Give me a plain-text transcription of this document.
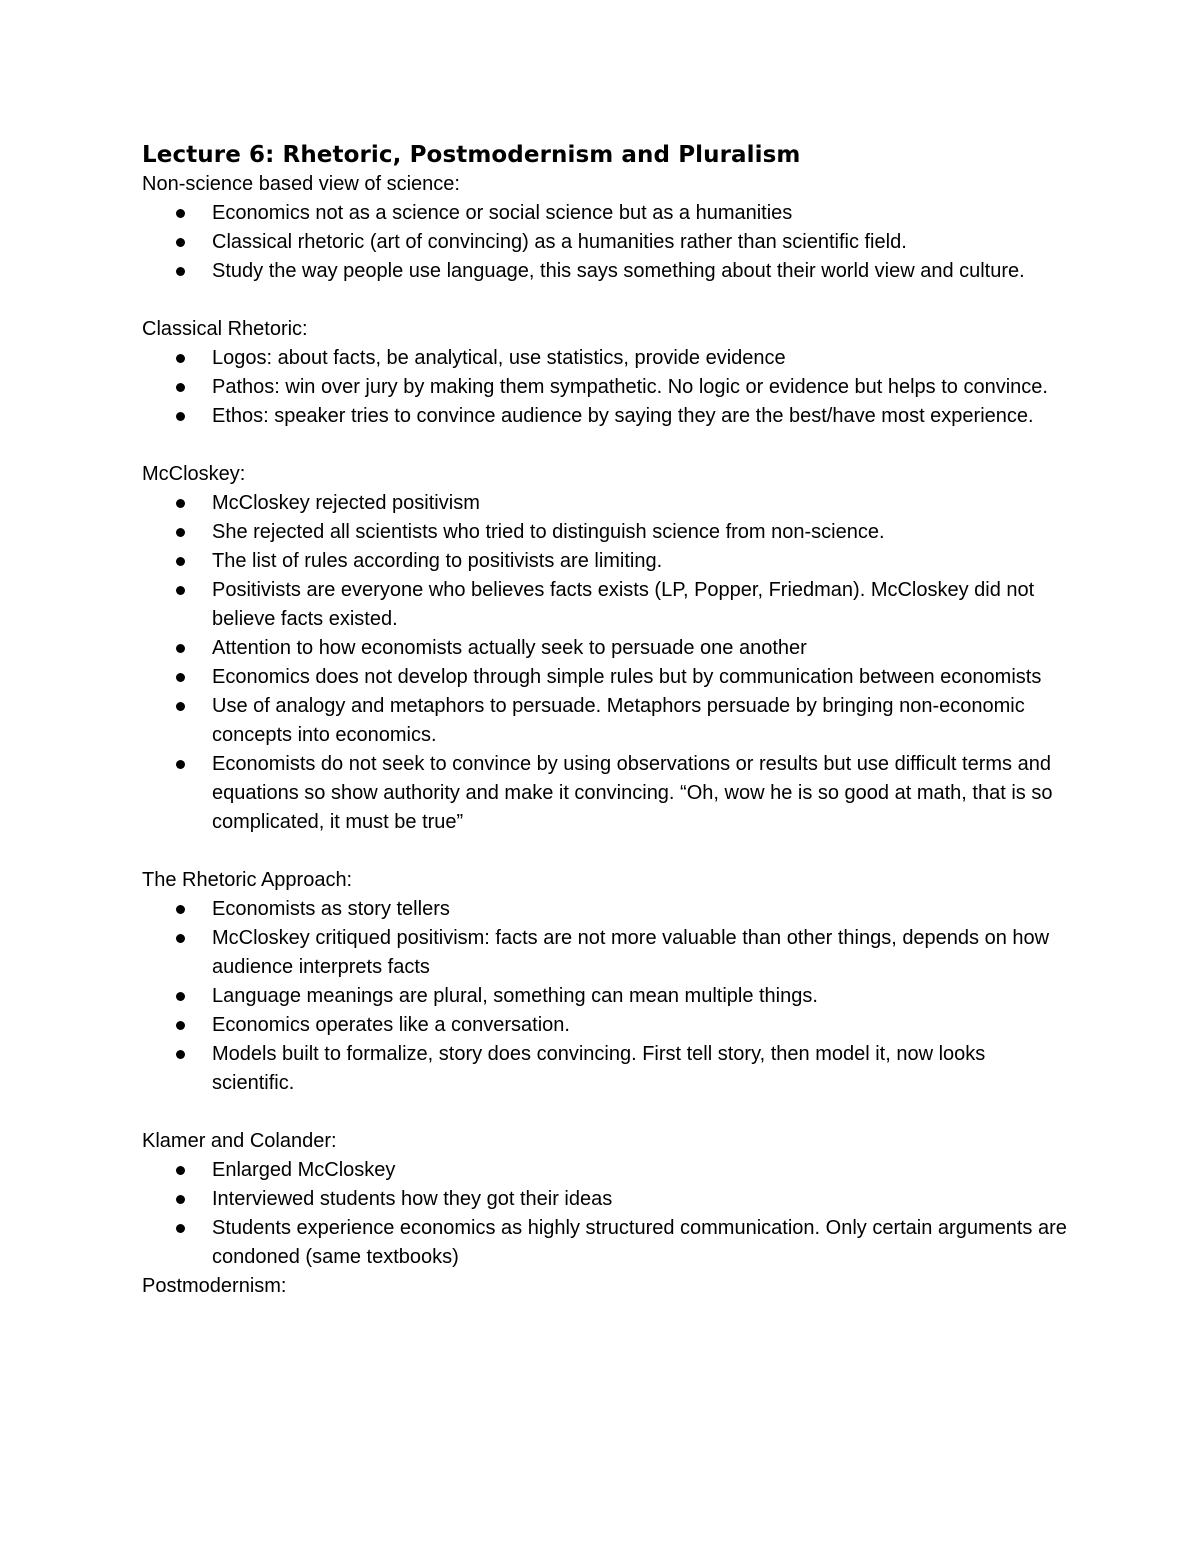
Lecture 6: Rhetoric, Postmodernism and Pluralism

Non-science based view of science:

Economics not as a science or social science but as a humanities
Classical rhetoric (art of convincing) as a humanities rather than scientific field.
Study the way people use language, this says something about their world view and culture.

Classical Rhetoric:

Logos: about facts, be analytical, use statistics, provide evidence
Pathos: win over jury by making them sympathetic. No logic or evidence but helps to convince.
Ethos: speaker tries to convince audience by saying they are the best/have most experience.

McCloskey:

McCloskey rejected positivism
She rejected all scientists who tried to distinguish science from non-science.
The list of rules according to positivists are limiting.
Positivists are everyone who believes facts exists (LP, Popper, Friedman). McCloskey did not believe facts existed.
Attention to how economists actually seek to persuade one another
Economics does not develop through simple rules but by communication between economists
Use of analogy and metaphors to persuade. Metaphors persuade by bringing non-economic concepts into economics.
Economists do not seek to convince by using observations or results but use difficult terms and equations so show authority and make it convincing. “Oh, wow he is so good at math, that is so complicated, it must be true”

The Rhetoric Approach:

Economists as story tellers
McCloskey critiqued positivism: facts are not more valuable than other things, depends on how audience interprets facts
Language meanings are plural, something can mean multiple things.
Economics operates like a conversation.
Models built to formalize, story does convincing. First tell story, then model it, now looks scientific.

Klamer and Colander:

Enlarged McCloskey
Interviewed students how they got their ideas
Students experience economics as highly structured communication. Only certain arguments are condoned (same textbooks)

Postmodernism:
